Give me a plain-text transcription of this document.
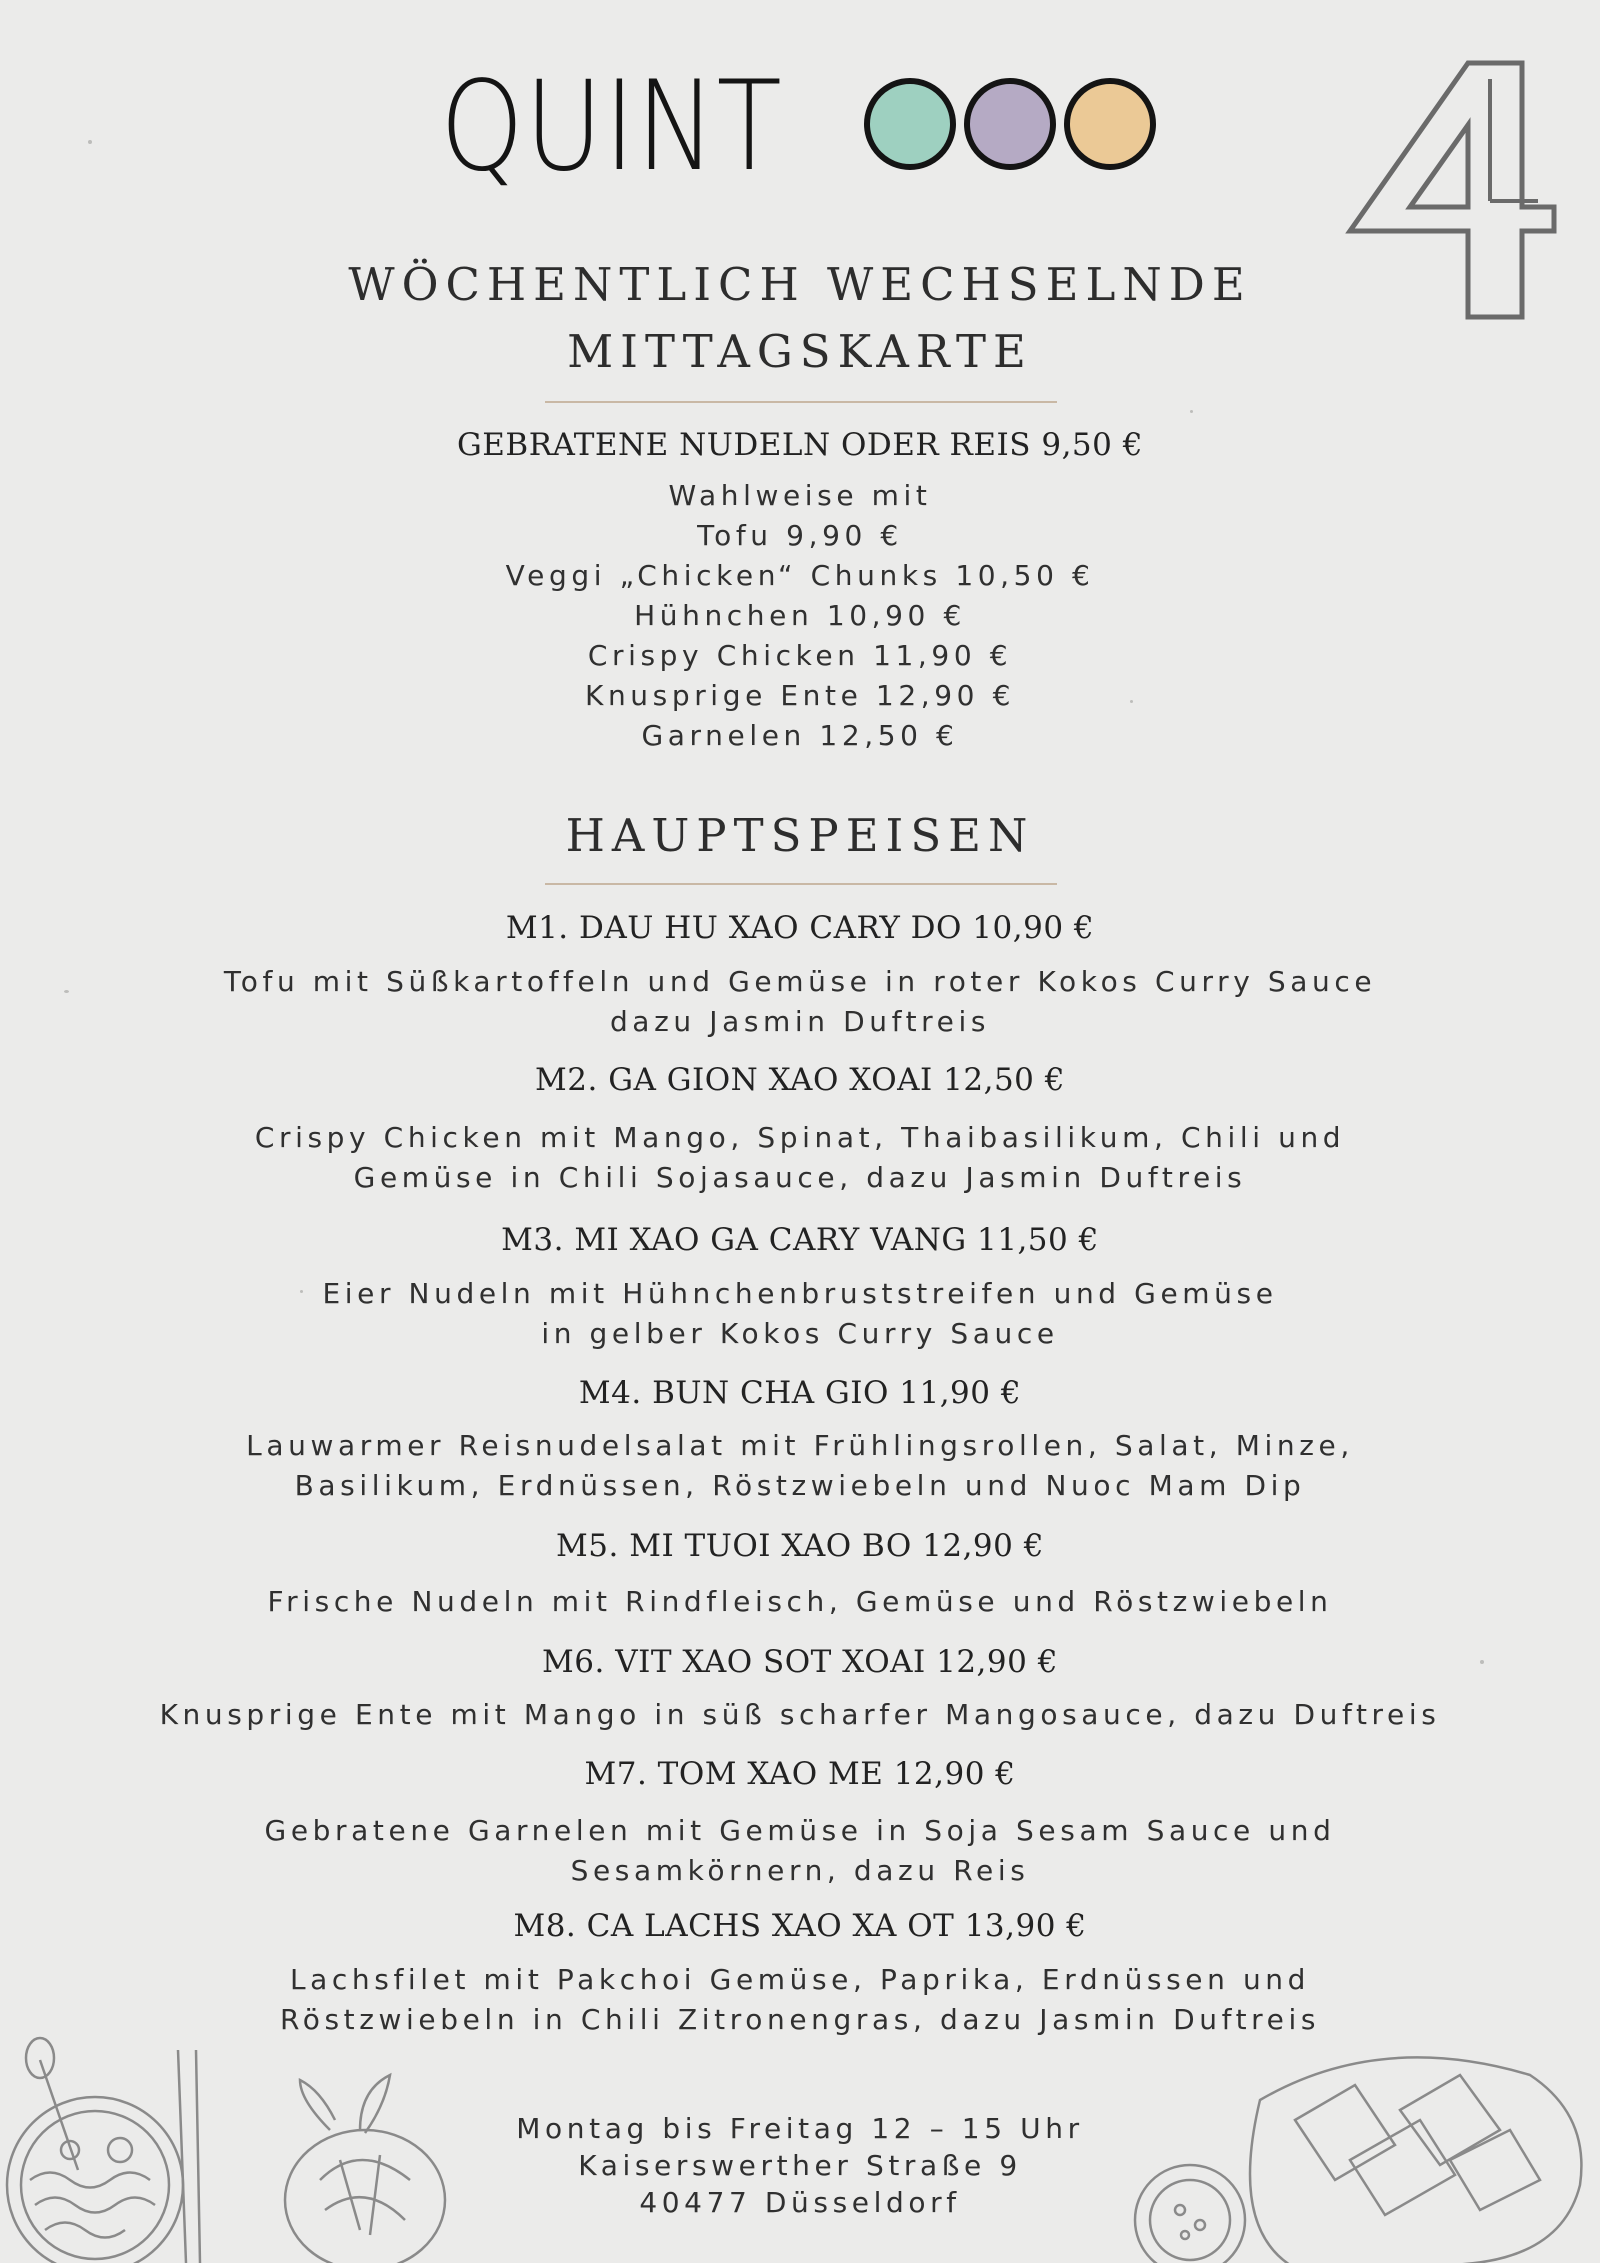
QUINT
4
WÖCHENTLICH WECHSELNDE
MITTAGSKARTE
GEBRATENE NUDELN ODER REIS 9,50 €
Wahlweise mit
Tofu 9,90 €
Veggi „Chicken“ Chunks 10,50 €
Hühnchen 10,90 €
Crispy Chicken 11,90 €
Knusprige Ente 12,90 €
Garnelen 12,50 €
HAUPTSPEISEN
M1. DAU HU XAO CARY DO 10,90 €
Tofu mit Süßkartoffeln und Gemüse in roter Kokos Curry Sauce
dazu Jasmin Duftreis
M2. GA GION XAO XOAI 12,50 €
Crispy Chicken mit Mango, Spinat, Thaibasilikum, Chili und
Gemüse in Chili Sojasauce, dazu Jasmin Duftreis
M3. MI XAO GA CARY VANG 11,50 €
Eier Nudeln mit Hühnchenbruststreifen und Gemüse
in gelber Kokos Curry Sauce
M4. BUN CHA GIO 11,90 €
Lauwarmer Reisnudelsalat mit Frühlingsrollen, Salat, Minze,
Basilikum, Erdnüssen, Röstzwiebeln und Nuoc Mam Dip
M5. MI TUOI XAO BO 12,90 €
Frische Nudeln mit Rindfleisch, Gemüse und Röstzwiebeln
M6. VIT XAO SOT XOAI 12,90 €
Knusprige Ente mit Mango in süß scharfer Mangosauce, dazu Duftreis
M7. TOM XAO ME 12,90 €
Gebratene Garnelen mit Gemüse in Soja Sesam Sauce und
Sesamkörnern, dazu Reis
M8. CA LACHS XAO XA OT 13,90 €
Lachsfilet mit Pakchoi Gemüse, Paprika, Erdnüssen und
Röstzwiebeln in Chili Zitronengras, dazu Jasmin Duftreis
Montag bis Freitag 12 – 15 Uhr
Kaiserswerther Straße 9
40477 Düsseldorf
